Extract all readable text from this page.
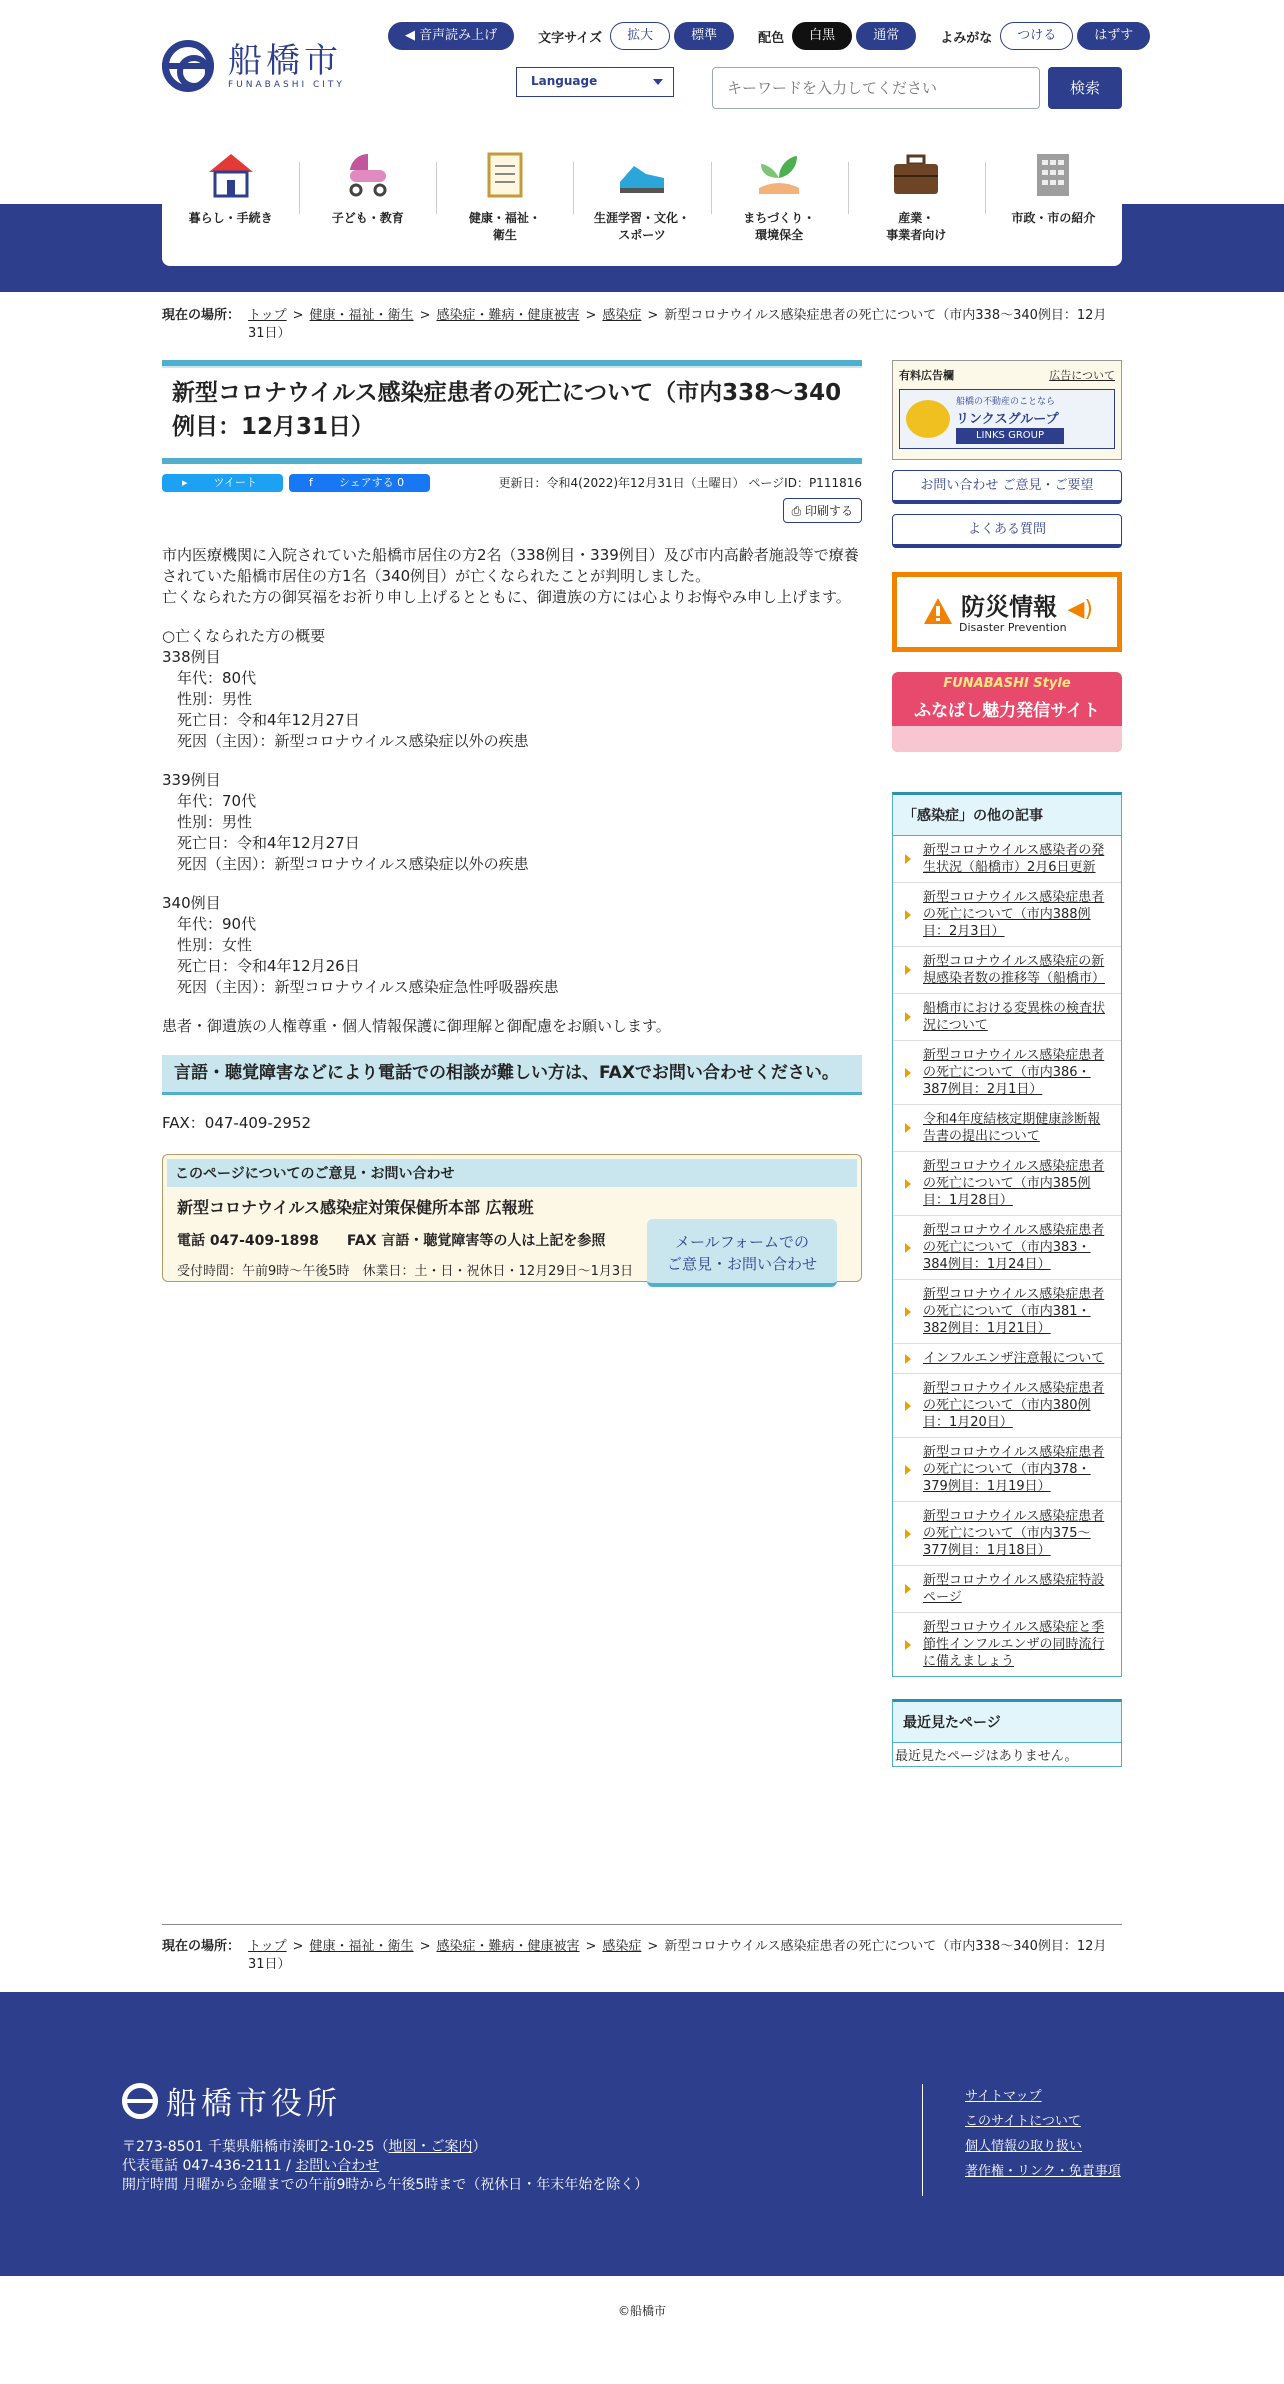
船橋市
FUNABASHI CITY
◀ 音声読み上げ	文字サイズ	拡大	標準	配色	白黒	通常	よみがな	つける	はずす
Language
キーワードを入力してください	検索
暮らし・手続き	子ども・教育	健康・福祉・
衛生
生涯学習・文化・
スポーツ
まちづくり・
環境保全
産業・
事業者向け
市政・市の紹介
現在の場所： トップ > 健康・福祉・衛生 > 感染症・難病・健康被害 > 感染症 > 新型コロナウイルス感染症患者の死亡について（市内338～340例目：12月31日）
新型コロナウイルス感染症患者の死亡について（市内338～340例目：12月31日）
▸ツイート	fシェアする 0	更新日：令和4(2022)年12月31日（土曜日） ページID：P111816
⎙ 印刷する

市内医療機関に入院されていた船橋市居住の方2名（338例目・339例目）及び市内高齢者施設等で療養されていた船橋市居住の方1名（340例目）が亡くなられたことが判明しました。
亡くなられた方の御冥福をお祈り申し上げるとともに、御遺族の方には心よりお悔やみ申し上げます。

○亡くなられた方の概要
338例目
　年代：80代
　性別：男性
　死亡日：令和4年12月27日
　死因（主因）：新型コロナウイルス感染症以外の疾患

339例目
　年代：70代
　性別：男性
　死亡日：令和4年12月27日
　死因（主因）：新型コロナウイルス感染症以外の疾患

340例目
　年代：90代
　性別：女性
　死亡日：令和4年12月26日
　死因（主因）：新型コロナウイルス感染症急性呼吸器疾患

患者・御遺族の人権尊重・個人情報保護に御理解と御配慮をお願いします。

言語・聴覚障害などにより電話での相談が難しい方は、FAXでお問い合わせください。

FAX：047-409-2952

このページについてのご意見・お問い合わせ
新型コロナウイルス感染症対策保健所本部 広報班
電話 047-409-1898　　FAX 言語・聴覚障害等の人は上記を参照
受付時間：午前9時～午後5時　休業日：土・日・祝休日・12月29日～1月3日
メールフォームでの
ご意見・お問い合わせ
有料広告欄	広告について
船橋の不動産のことなら
リンクスグループ
LINKS GROUP
お問い合わせ ご意見・ご要望
よくある質問
防災情報
Disaster Prevention
◀)
FUNABASHI Style
ふなばし魅力発信サイト
「感染症」の他の記事
新型コロナウイルス感染者の発生状況（船橋市）2月6日更新
新型コロナウイルス感染症患者の死亡について（市内388例目：2月3日）
新型コロナウイルス感染症の新規感染者数の推移等（船橋市）
船橋市における変異株の検査状況について
新型コロナウイルス感染症患者の死亡について（市内386・387例目：2月1日）
令和4年度結核定期健康診断報告書の提出について
新型コロナウイルス感染症患者の死亡について（市内385例目：1月28日）
新型コロナウイルス感染症患者の死亡について（市内383・384例目：1月24日）
新型コロナウイルス感染症患者の死亡について（市内381・382例目：1月21日）
インフルエンザ注意報について
新型コロナウイルス感染症患者の死亡について（市内380例目：1月20日）
新型コロナウイルス感染症患者の死亡について（市内378・379例目：1月19日）
新型コロナウイルス感染症患者の死亡について（市内375～377例目：1月18日）
新型コロナウイルス感染症特設ページ
新型コロナウイルス感染症と季節性インフルエンザの同時流行に備えましょう
最近見たページ
最近見たページはありません。
現在の場所： トップ > 健康・福祉・衛生 > 感染症・難病・健康被害 > 感染症 > 新型コロナウイルス感染症患者の死亡について（市内338～340例目：12月31日）
船橋市役所
〒273-8501 千葉県船橋市湊町2-10-25（地図・ご案内）
代表電話 047-436-2111 / お問い合わせ
開庁時間 月曜から金曜までの午前9時から午後5時まで（祝休日・年末年始を除く）
サイトマップ
このサイトについて
個人情報の取り扱い
著作権・リンク・免責事項
©船橋市
